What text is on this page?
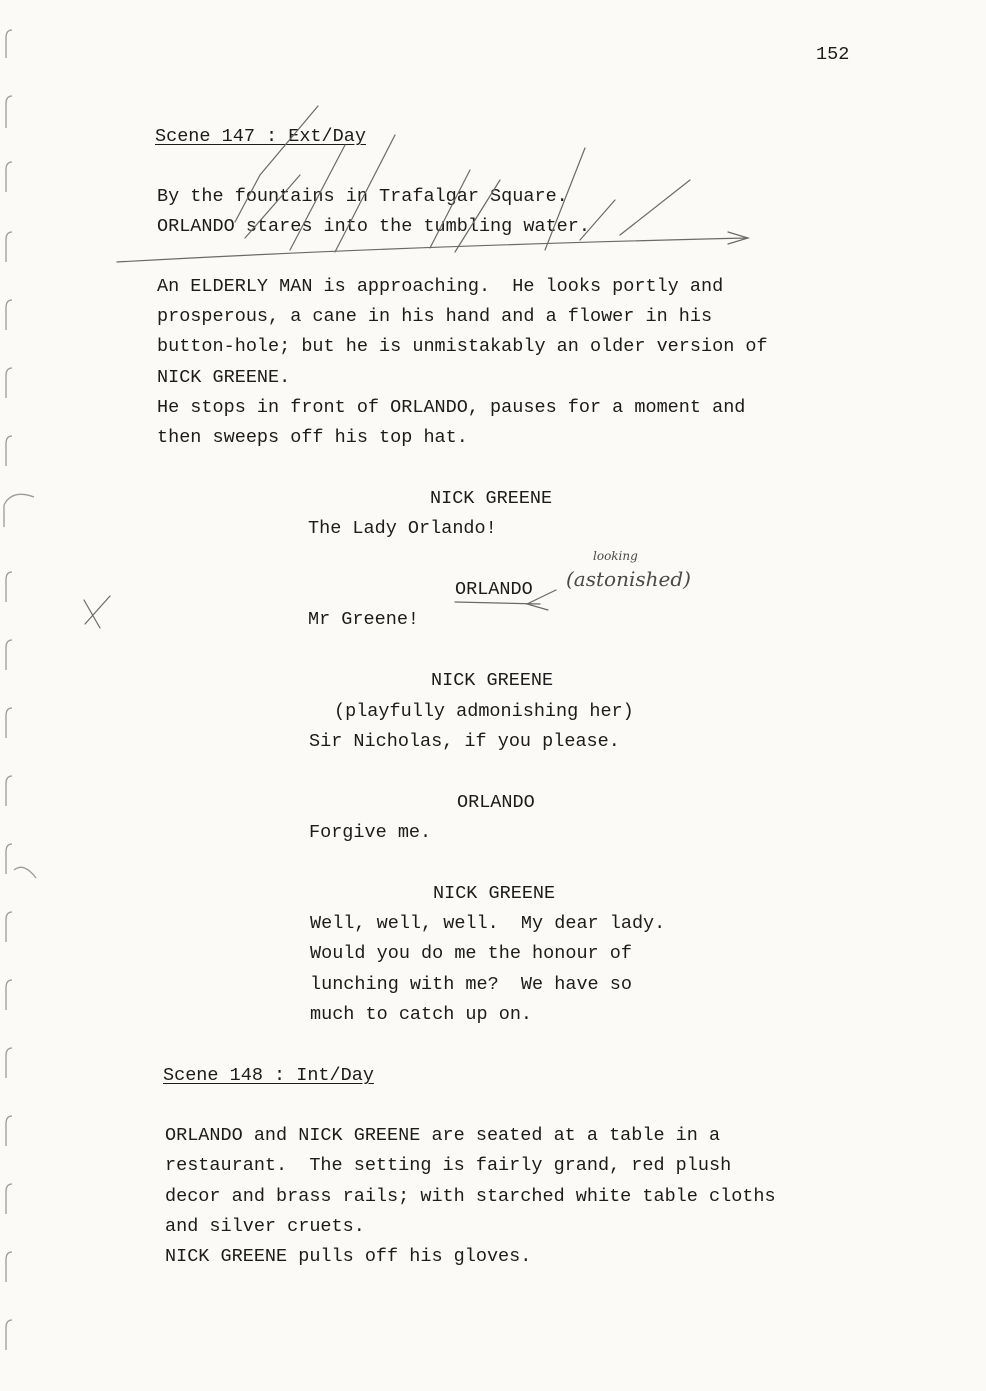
152
Scene 147 : Ext/Day
By the fountains in Trafalgar Square.
ORLANDO stares into the tumbling water.
An ELDERLY MAN is approaching.  He looks portly and
prosperous, a cane in his hand and a flower in his
button-hole; but he is unmistakably an older version of
NICK GREENE.
He stops in front of ORLANDO, pauses for a moment and
then sweeps off his top hat.
NICK GREENE
The Lady Orlando!
ORLANDO (astonished)
looking
Mr Greene!
NICK GREENE
(playfully admonishing her)
Sir Nicholas, if you please.
ORLANDO
Forgive me.
NICK GREENE
Well, well, well.  My dear lady.
Would you do me the honour of
lunching with me?  We have so
much to catch up on.
Scene 148 : Int/Day
ORLANDO and NICK GREENE are seated at a table in a
restaurant.  The setting is fairly grand, red plush
decor and brass rails; with starched white table cloths
and silver cruets.
NICK GREENE pulls off his gloves.
